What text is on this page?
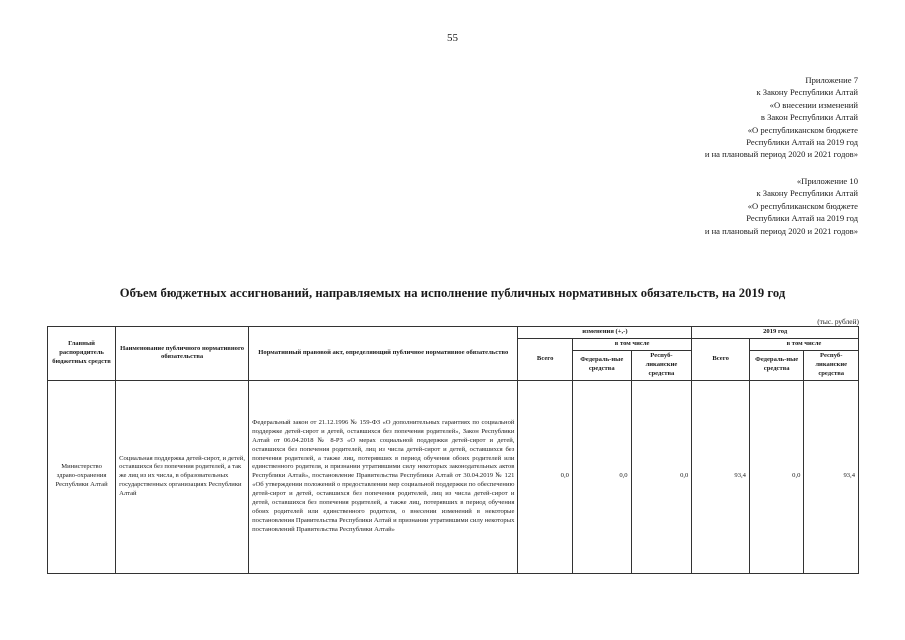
55
Приложение 7
к Закону Республики Алтай
«О внесении изменений
в Закон Республики Алтай
«О республиканском бюджете
Республики Алтай на 2019 год
и на плановый период 2020 и 2021 годов»
«Приложение 10
к Закону Республики Алтай
«О республиканском бюджете
Республики Алтай на 2019 год
и на плановый период 2020 и 2021 годов»
Объем бюджетных ассигнований, направляемых на исполнение публичных нормативных обязательств, на 2019 год
(тыс. рублей)
Главный распорядитель бюджетных средств	Наименование публичного нормативного обязательства	Нормативный правовой акт, определяющий публичное нормативное обязательство	изменения (+,-)			2019 год		
			Всего	в том числе		Всего	в том числе	
				Федераль-ные средства	Респуб-ликанские средства		Федераль-ные средства	Респуб-ликанские средства
Министерство здраво-охранения Республики Алтай	Социальная поддержка детей-сирот, и детей, оставшихся без попечения родителей, а так же лиц из их числа, в образовательных государственных организациях Республики Алтай	Федеральный закон от 21.12.1996 № 159-ФЗ «О дополнительных гарантиях по социальной поддержке детей-сирот и детей, оставшихся без попечения родителей», Закон Республики Алтай от 06.04.2018 № 8-РЗ «О мерах социальной поддержки детей-сирот и детей, оставшихся без попечения родителей, лиц из числа детей-сирот и детей, оставшихся без попечения родителей, а также лиц, потерявших в период обучения обоих родителей или единственного родителя, и признании утратившими силу некоторых законодательных актов Республики Алтай», постановление Правительства Республики Алтай от 30.04.2019 № 121 «Об утверждении положений о предоставлении мер социальной поддержки по обеспечению детей-сирот и детей, оставшихся без попечения родителей, лиц из числа детей-сирот и детей, оставшихся без попечения родителей, а также лиц, потерявших в период обучения обоих родителей или единственного родителя, о внесении изменений в некоторые постановления Правительства Республики Алтай и признании утратившими силу некоторых постановлений Правительства Республики Алтай»	0,0	0,0	0,0	93,4	0,0	93,4
